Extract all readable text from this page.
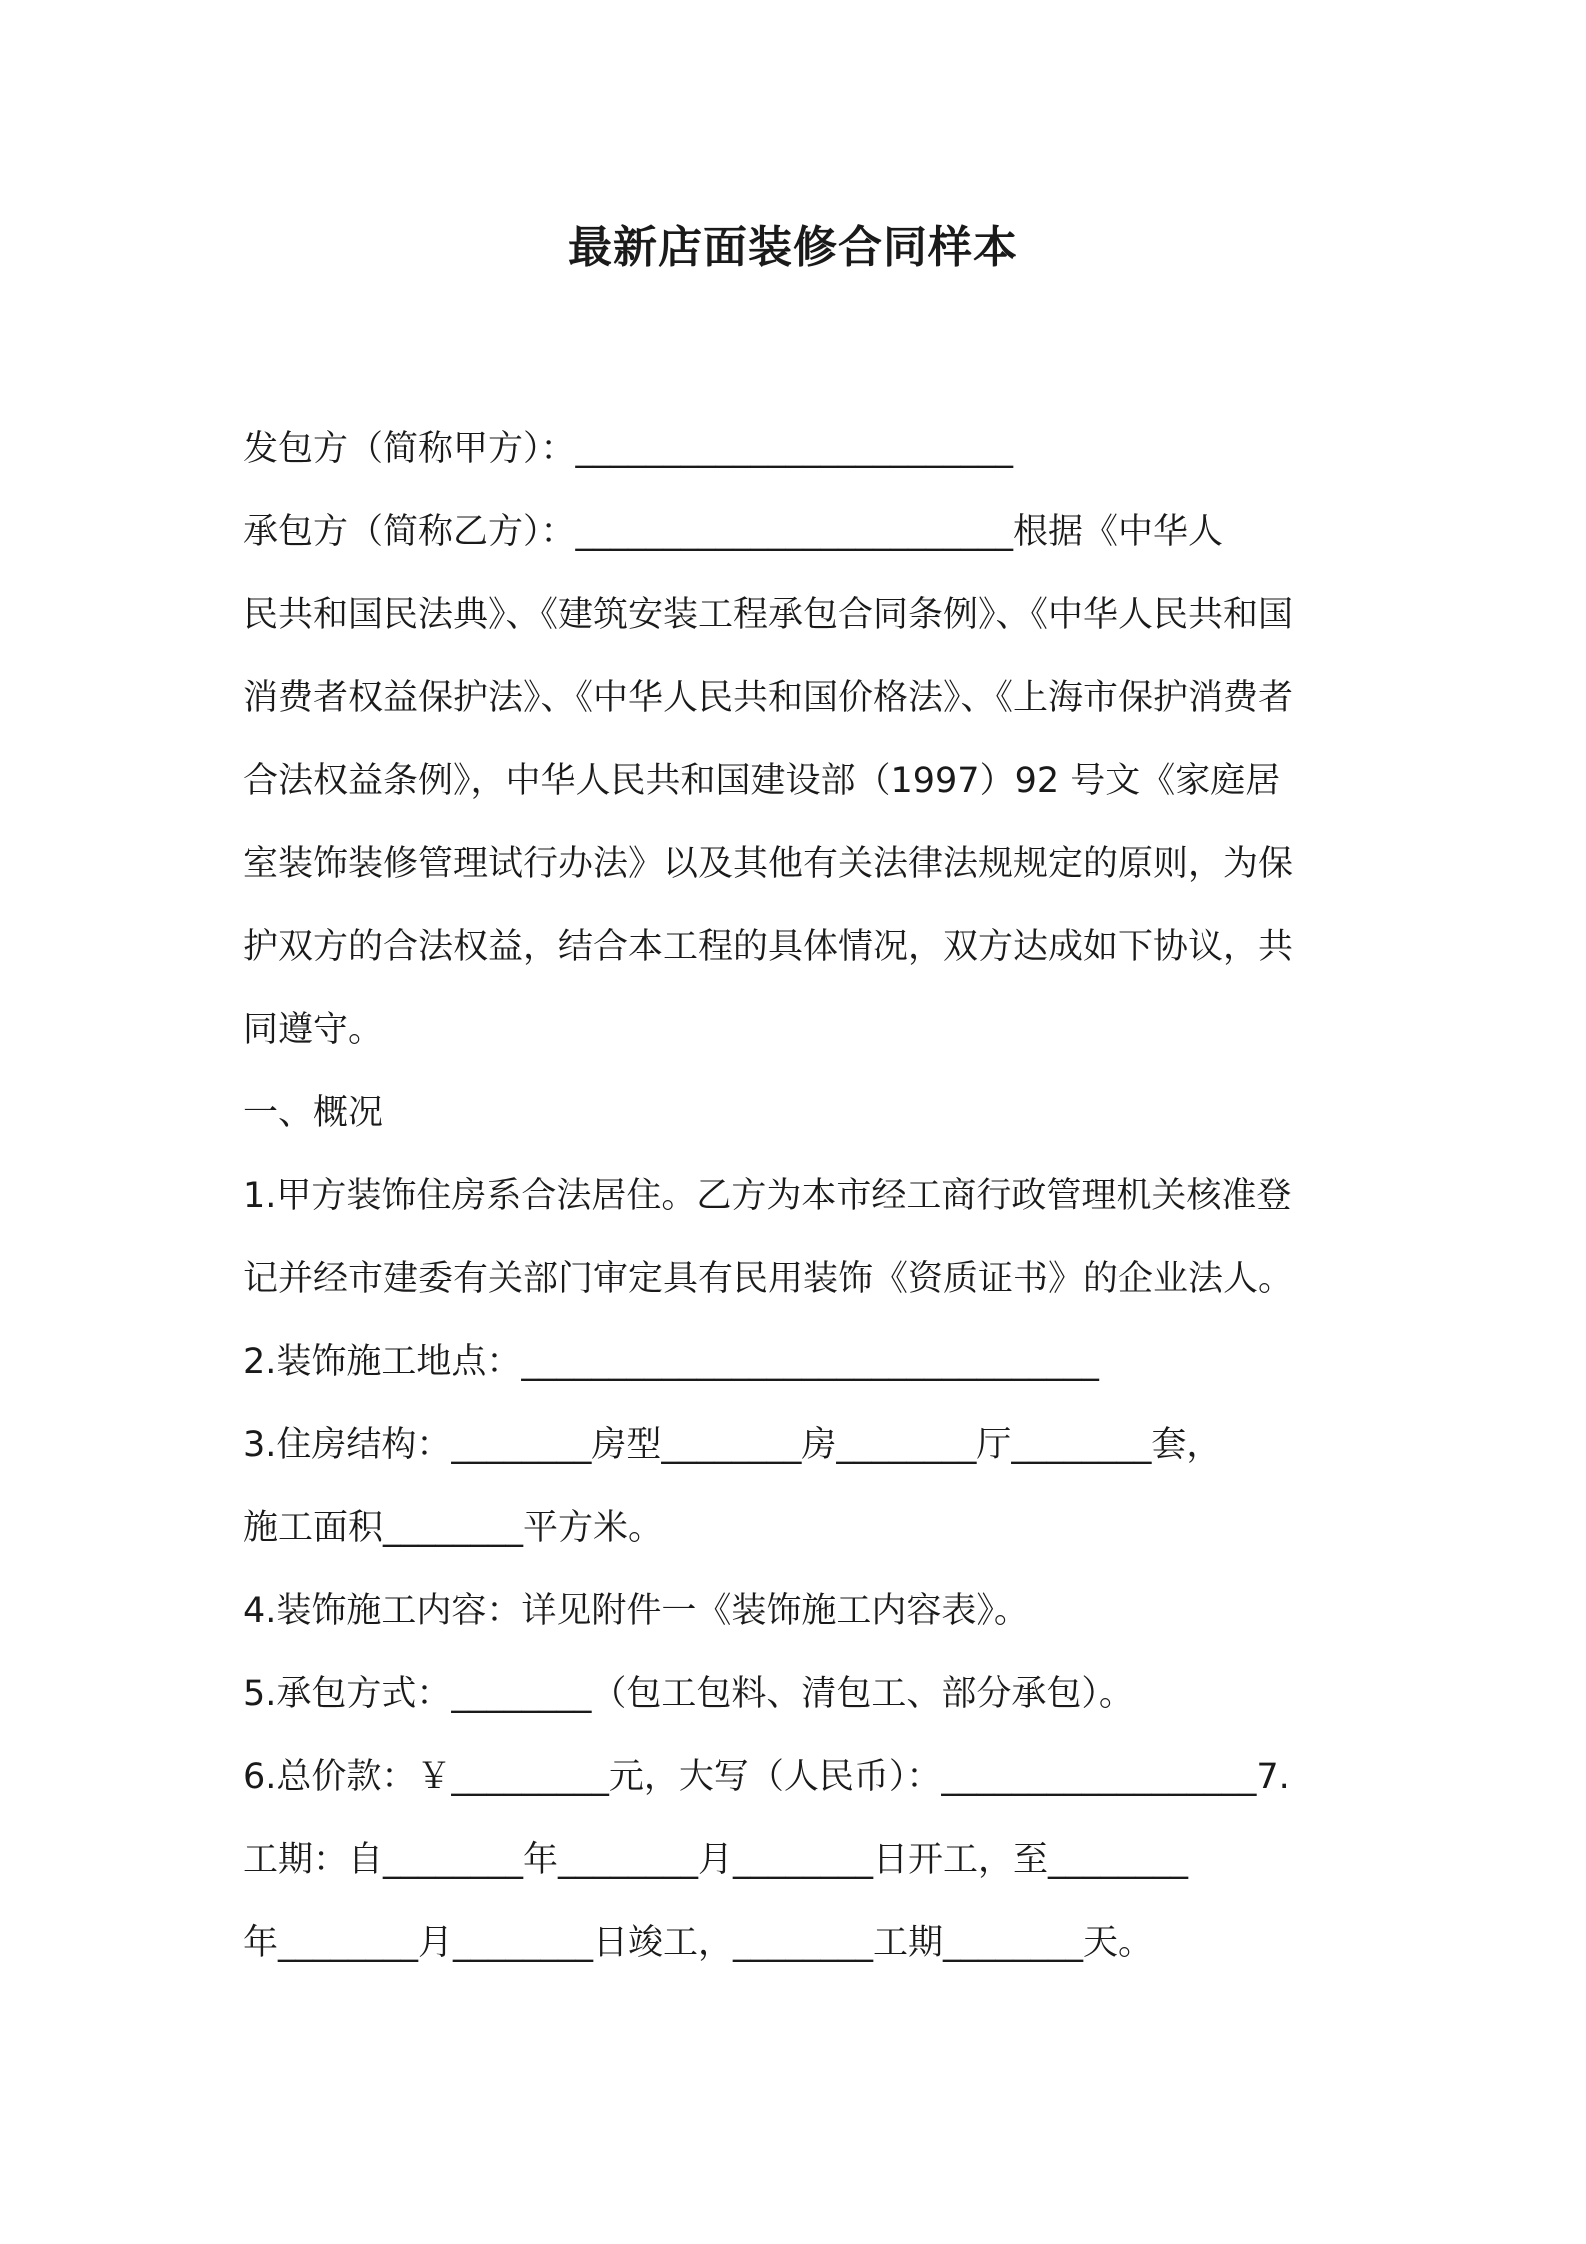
最新店面装修合同样本
发包方（简称甲方）：_________________________
承包方（简称乙方）：_________________________根据《中华人
民共和国民法典》、《建筑安装工程承包合同条例》、《中华人民共和国
消费者权益保护法》、《中华人民共和国价格法》、《上海市保护消费者
合法权益条例》，中华人民共和国建设部（1997）92 号文《家庭居
室装饰装修管理试行办法》以及其他有关法律法规规定的原则，为保
护双方的合法权益，结合本工程的具体情况，双方达成如下协议，共
同遵守。
一、概况
1.甲方装饰住房系合法居住。乙方为本市经工商行政管理机关核准登
记并经市建委有关部门审定具有民用装饰《资质证书》的企业法人。
2.装饰施工地点：_________________________________
3.住房结构：________房型________房________厅________套，
施工面积________平方米。
4.装饰施工内容：详见附件一《装饰施工内容表》。
5.承包方式：________（包工包料、清包工、部分承包）。
6.总价款：￥_________元，大写（人民币）：__________________7.
工期：自________年________月________日开工，至________
年________月________日竣工，________工期________天。
